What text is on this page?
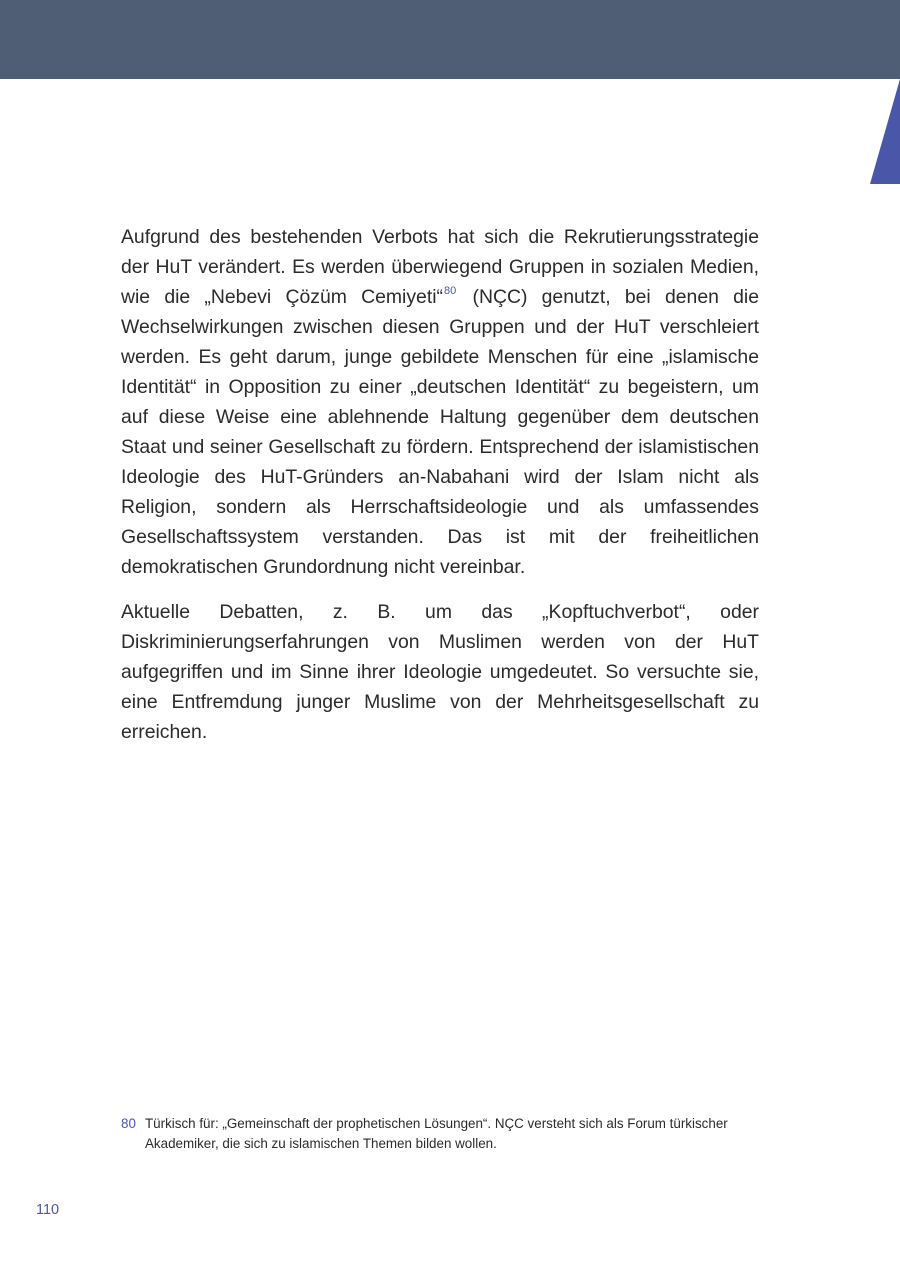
Aufgrund des bestehenden Verbots hat sich die Rekrutierungsstrategie der HuT verändert. Es werden überwiegend Gruppen in sozialen Medien, wie die „Nebevi Çözüm Cemiyeti“$^{80}$ (NÇC) genutzt, bei denen die Wechselwirkungen zwischen diesen Gruppen und der HuT verschleiert werden. Es geht darum, junge gebildete Menschen für eine „islamische Identität“ in Opposition zu einer „deutschen Identität“ zu begeistern, um auf diese Weise eine ablehnende Haltung gegenüber dem deutschen Staat und seiner Gesellschaft zu fördern. Entsprechend der islamistischen Ideologie des HuT-Gründers an-Nabahani wird der Islam nicht als Religion, sondern als Herrschaftsideologie und als umfassendes Gesellschaftssystem verstanden. Das ist mit der freiheitlichen demokratischen Grundordnung nicht vereinbar.

Aktuelle Debatten, z. B. um das „Kopftuchverbot“, oder Diskriminierungserfahrungen von Muslimen werden von der HuT aufgegriffen und im Sinne ihrer Ideologie umgedeutet. So versuchte sie, eine Entfremdung junger Muslime von der Mehrheitsgesellschaft zu erreichen.

80 Türkisch für: „Gemeinschaft der prophetischen Lösungen“. NÇC versteht sich als Forum türkischer Akademiker, die sich zu islamischen Themen bilden wollen.
110
